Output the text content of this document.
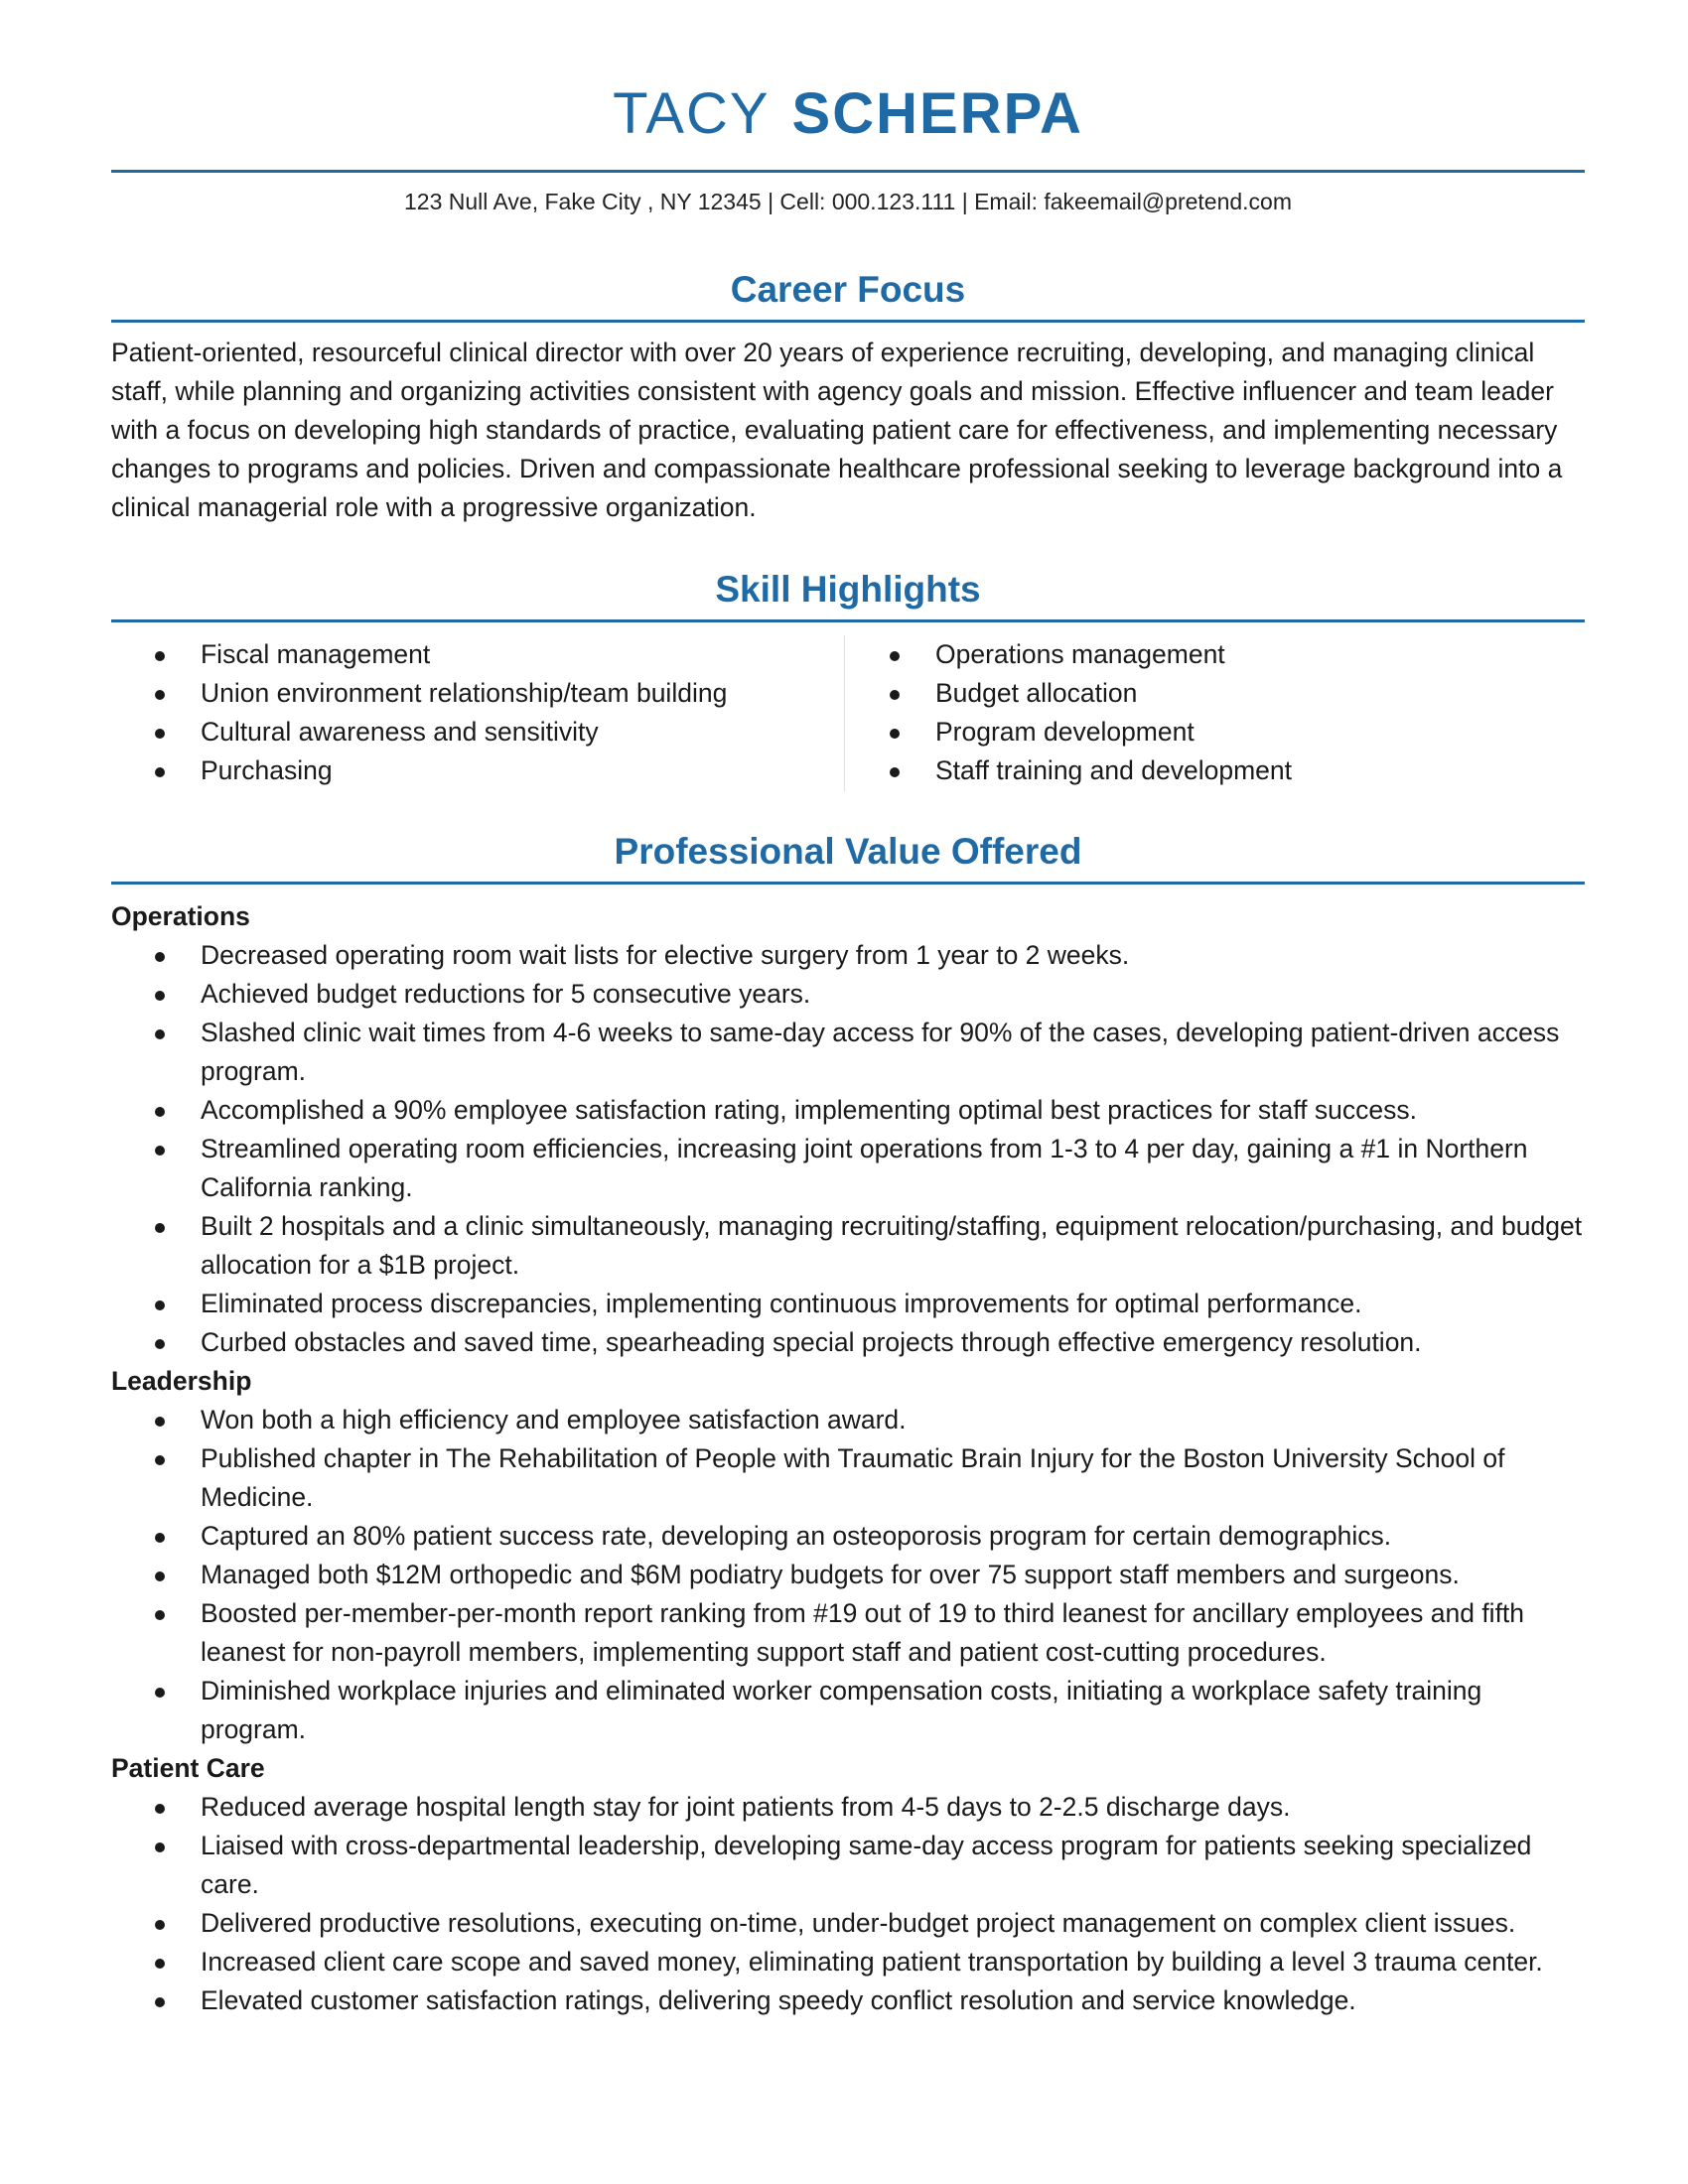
TACY SCHERPA
123 Null Ave, Fake City , NY 12345 | Cell: 000.123.111 | Email: fakeemail@pretend.com
Career Focus

Patient-oriented, resourceful clinical director with over 20 years of experience recruiting, developing, and managing clinical staff, while planning and organizing activities consistent with agency goals and mission. Effective influencer and team leader with a focus on developing high standards of practice, evaluating patient care for effectiveness, and implementing necessary changes to programs and policies. Driven and compassionate healthcare professional seeking to leverage background into a clinical managerial role with a progressive organization.

Skill Highlights
Fiscal management
Union environment relationship/team building
Cultural awareness and sensitivity
Purchasing
Operations management
Budget allocation
Program development
Staff training and development
Professional Value Offered
Operations
Decreased operating room wait lists for elective surgery from 1 year to 2 weeks.
Achieved budget reductions for 5 consecutive years.
Slashed clinic wait times from 4-6 weeks to same-day access for 90% of the cases, developing patient-driven access program.
Accomplished a 90% employee satisfaction rating, implementing optimal best practices for staff success.
Streamlined operating room efficiencies, increasing joint operations from 1-3 to 4 per day, gaining a #1 in Northern California ranking.
Built 2 hospitals and a clinic simultaneously, managing recruiting/staffing, equipment relocation/purchasing, and budget allocation for a $1B project.
Eliminated process discrepancies, implementing continuous improvements for optimal performance.
Curbed obstacles and saved time, spearheading special projects through effective emergency resolution.
Leadership
Won both a high efficiency and employee satisfaction award.
Published chapter in The Rehabilitation of People with Traumatic Brain Injury for the Boston University School of Medicine.
Captured an 80% patient success rate, developing an osteoporosis program for certain demographics.
Managed both $12M orthopedic and $6M podiatry budgets for over 75 support staff members and surgeons.
Boosted per-member-per-month report ranking from #19 out of 19 to third leanest for ancillary employees and fifth leanest for non-payroll members, implementing support staff and patient cost-cutting procedures.
Diminished workplace injuries and eliminated worker compensation costs, initiating a workplace safety training program.
Patient Care
Reduced average hospital length stay for joint patients from 4-5 days to 2-2.5 discharge days.
Liaised with cross-departmental leadership, developing same-day access program for patients seeking specialized care.
Delivered productive resolutions, executing on-time, under-budget project management on complex client issues.
Increased client care scope and saved money, eliminating patient transportation by building a level 3 trauma center.
Elevated customer satisfaction ratings, delivering speedy conflict resolution and service knowledge.
